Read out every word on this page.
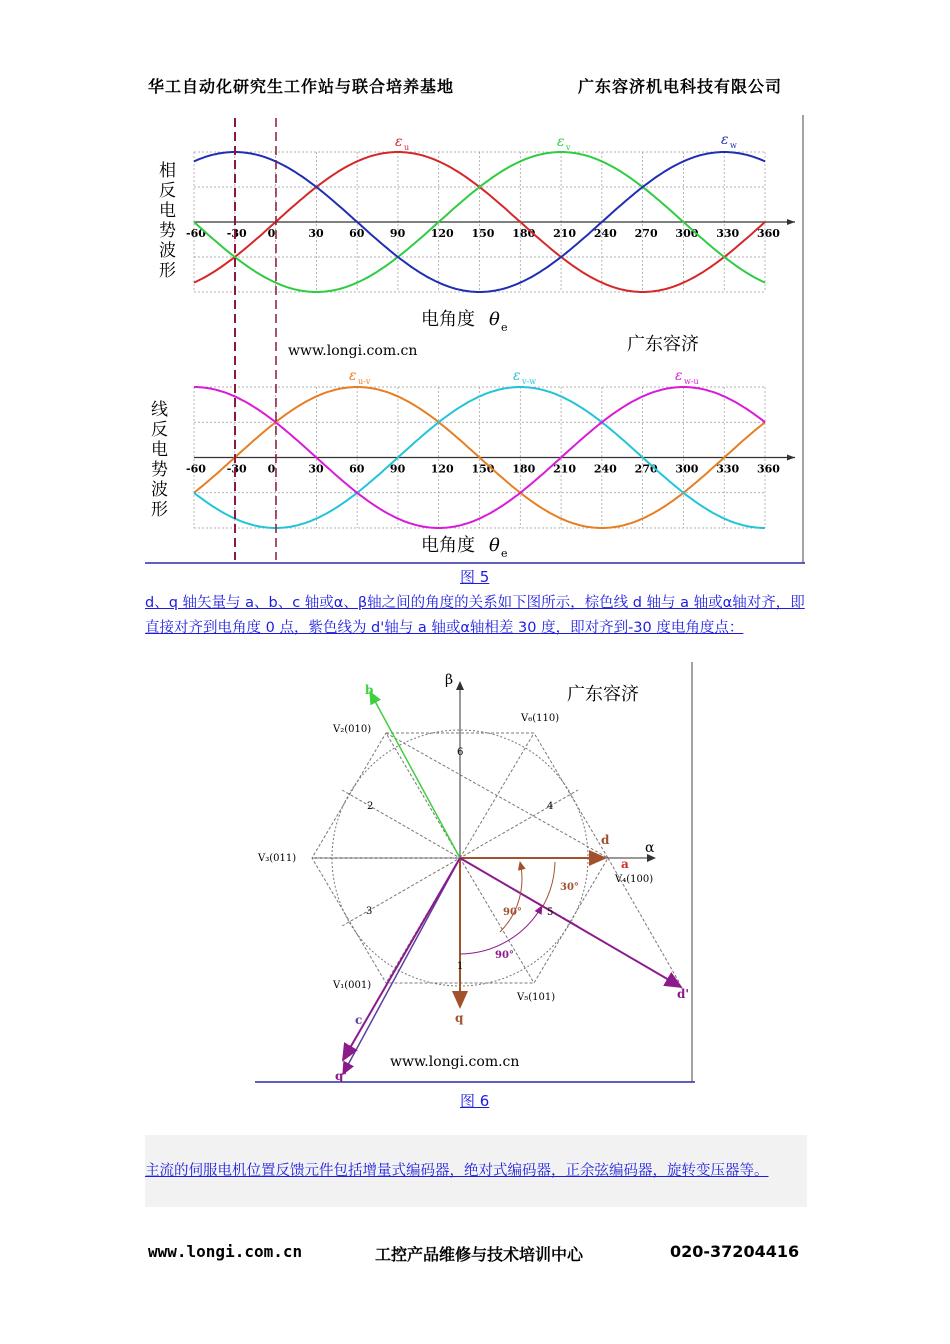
华工自动化研究生工作站与联合培养基地	广东容济机电科技有限公司
相
反
电
势
波
形
线
反
电
势
波
形
-60 -30 0	30 60 90 120 150 180 210 240 270 300 330 360
ε u	ε v	ε w
-60 -30 0	30 60 90 120 150 180 210 240 270 300 330 360
ε u-v	ε v-w	ε w-u
电角度 θ e
电角度 θ e
www.longi.com.cn	广东容济
图 5
d、q 轴矢量与 a、b、c 轴或α、β轴之间的角度的关系如下图所示，棕色线 d 轴与 a 轴或α轴对齐，即直接对齐到电角度 0 点，紫色线为 d'轴与 a 轴或α轴相差 30 度，即对齐到-30 度电角度点：
β
α
90°
90°
30°
V₆(110)
V₂(010)
V₃(011)
V₄(100)
V₁(001)
V₅(101)
6
4
2
3	5
1
b
d
a
q
c
d'
q'
广东容济
www.longi.com.cn
图 6
主流的伺服电机位置反馈元件包括增量式编码器，绝对式编码器，正余弦编码器，旋转变压器等。
www.longi.com.cn	工控产品维修与技术培训中心	020-37204416
